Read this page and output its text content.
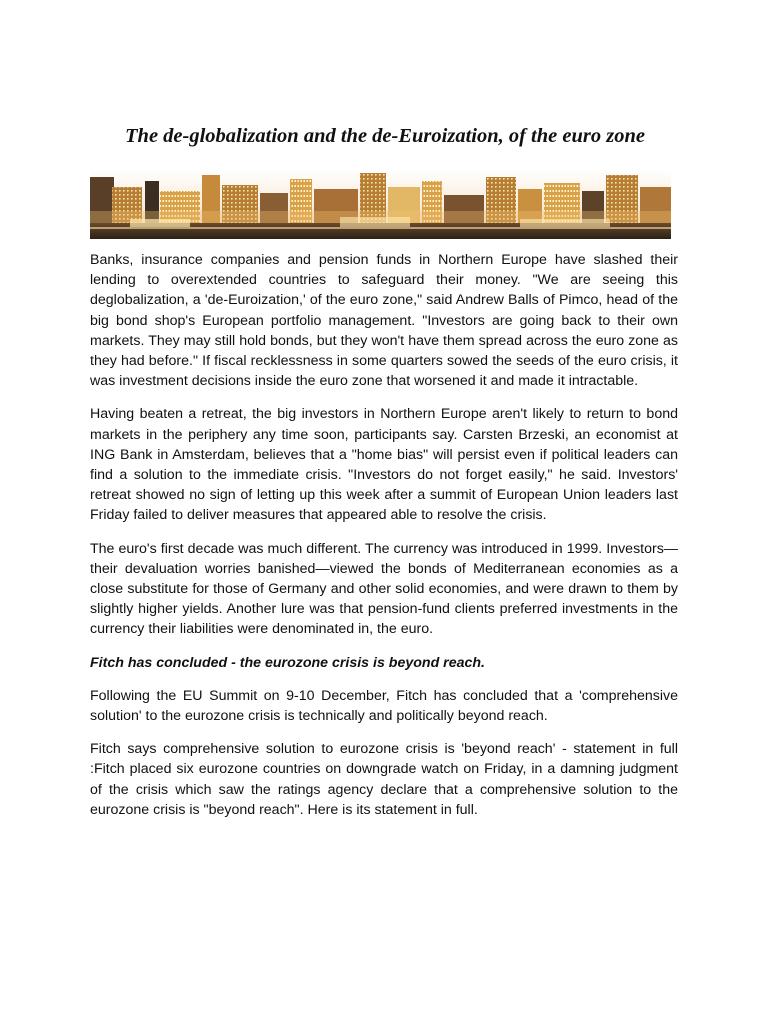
The de-globalization and the de-Euroization, of the euro zone

Banks, insurance companies and pension funds in Northern Europe have slashed their lending to overextended countries to safeguard their money. "We are seeing this deglobalization, a 'de-Euroization,' of the euro zone," said Andrew Balls of Pimco, head of the big bond shop's European portfolio management. "Investors are going back to their own markets. They may still hold bonds, but they won't have them spread across the euro zone as they had before." If fiscal recklessness in some quarters sowed the seeds of the euro crisis, it was investment decisions inside the euro zone that worsened it and made it intractable.

Having beaten a retreat, the big investors in Northern Europe aren't likely to return to bond markets in the periphery any time soon, participants say. Carsten Brzeski, an economist at ING Bank in Amsterdam, believes that a "home bias" will persist even if political leaders can find a solution to the immediate crisis. "Investors do not forget easily," he said. Investors' retreat showed no sign of letting up this week after a summit of European Union leaders last Friday failed to deliver measures that appeared able to resolve the crisis.

The euro's first decade was much different. The currency was introduced in 1999. Investors—their devaluation worries banished—viewed the bonds of Mediterranean economies as a close substitute for those of Germany and other solid economies, and were drawn to them by slightly higher yields. Another lure was that pension-fund clients preferred investments in the currency their liabilities were denominated in, the euro.

Fitch has concluded - the eurozone crisis is beyond reach.

Following the EU Summit on 9-10 December, Fitch has concluded that a 'comprehensive solution' to the eurozone crisis is technically and politically beyond reach.

Fitch says comprehensive solution to eurozone crisis is 'beyond reach' - statement in full :Fitch placed six eurozone countries on downgrade watch on Friday, in a damning judgment of the crisis which saw the ratings agency declare that a comprehensive solution to the eurozone crisis is "beyond reach". Here is its statement in full.
